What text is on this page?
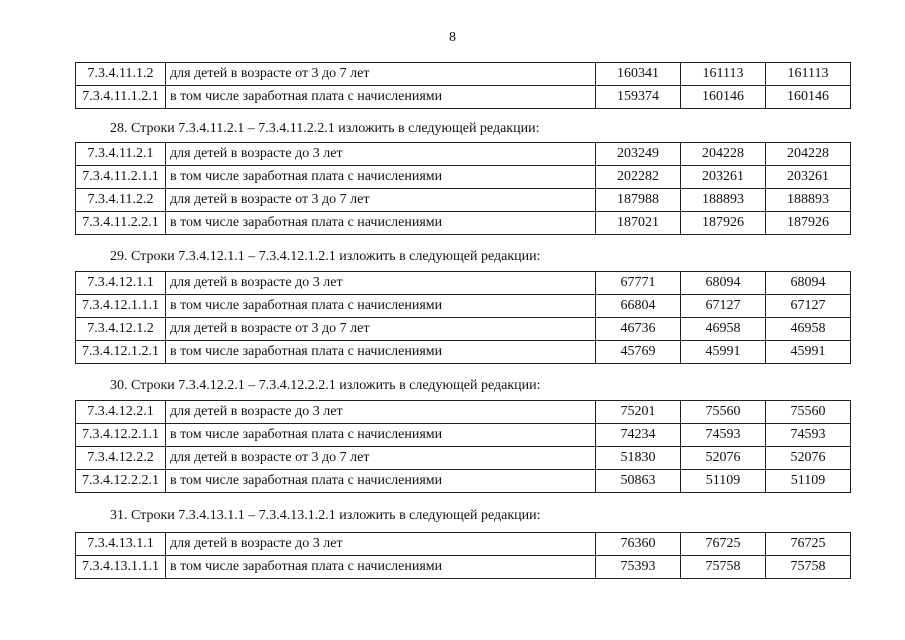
8
7.3.4.11.1.2	для детей в возрасте от 3 до 7 лет	160341	161113	161113
7.3.4.11.1.2.1	в том числе заработная плата с начислениями	159374	160146	160146
28. Строки 7.3.4.11.2.1 – 7.3.4.11.2.2.1 изложить в следующей редакции:
7.3.4.11.2.1	для детей в возрасте до 3 лет	203249	204228	204228
7.3.4.11.2.1.1	в том числе заработная плата с начислениями	202282	203261	203261
7.3.4.11.2.2	для детей в возрасте от 3 до 7 лет	187988	188893	188893
7.3.4.11.2.2.1	в том числе заработная плата с начислениями	187021	187926	187926
29. Строки 7.3.4.12.1.1 – 7.3.4.12.1.2.1 изложить в следующей редакции:
7.3.4.12.1.1	для детей в возрасте до 3 лет	67771	68094	68094
7.3.4.12.1.1.1	в том числе заработная плата с начислениями	66804	67127	67127
7.3.4.12.1.2	для детей в возрасте от 3 до 7 лет	46736	46958	46958
7.3.4.12.1.2.1	в том числе заработная плата с начислениями	45769	45991	45991
30. Строки 7.3.4.12.2.1 – 7.3.4.12.2.2.1 изложить в следующей редакции:
7.3.4.12.2.1	для детей в возрасте до 3 лет	75201	75560	75560
7.3.4.12.2.1.1	в том числе заработная плата с начислениями	74234	74593	74593
7.3.4.12.2.2	для детей в возрасте от 3 до 7 лет	51830	52076	52076
7.3.4.12.2.2.1	в том числе заработная плата с начислениями	50863	51109	51109
31. Строки 7.3.4.13.1.1 – 7.3.4.13.1.2.1 изложить в следующей редакции:
7.3.4.13.1.1	для детей в возрасте до 3 лет	76360	76725	76725
7.3.4.13.1.1.1	в том числе заработная плата с начислениями	75393	75758	75758
